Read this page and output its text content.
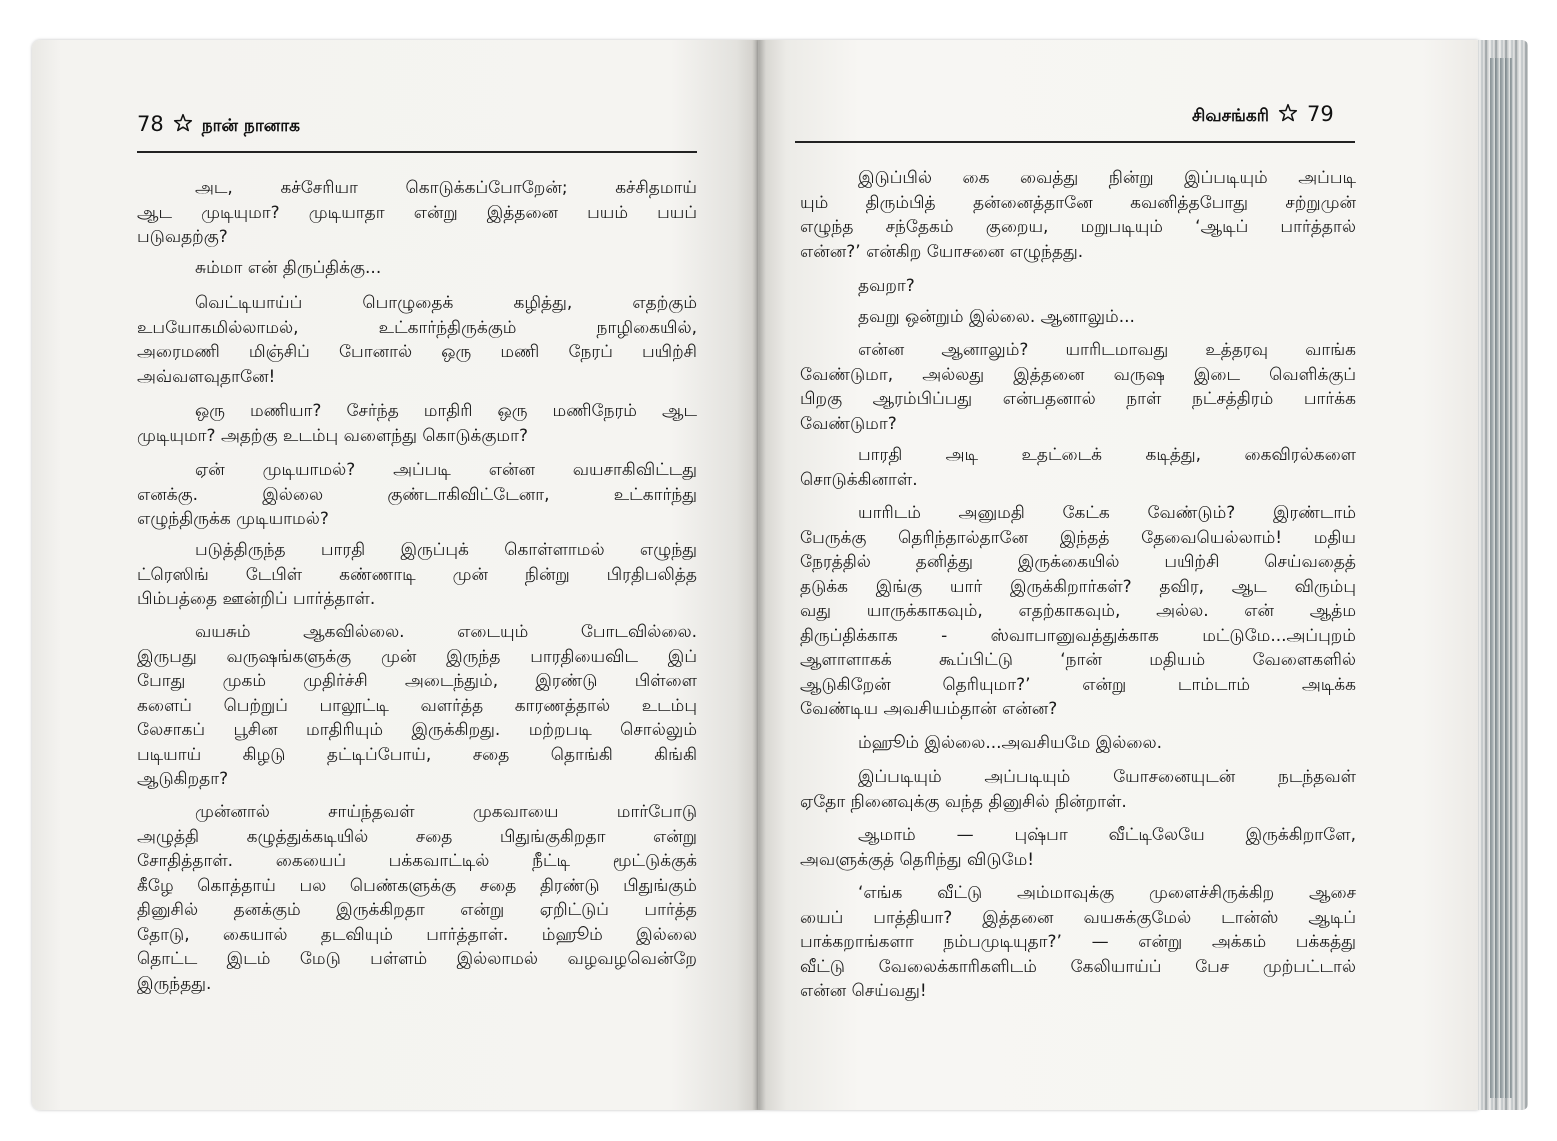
78 நான் நானாக	சிவசங்கரி 79
அட, கச்சேரியா கொடுக்கப்போறேன்; கச்சிதமாய்
ஆட முடியுமா? முடியாதா என்று இத்தனை பயம் பயப்
படுவதற்கு?
சும்மா என் திருப்திக்கு...
வெட்டியாய்ப் பொழுதைக் கழித்து, எதற்கும்
உபயோகமில்லாமல், உட்கார்ந்திருக்கும் நாழிகையில்,
அரைமணி மிஞ்சிப் போனால் ஒரு மணி நேரப் பயிற்சி
அவ்வளவுதானே!
ஒரு மணியா? சேர்ந்த மாதிரி ஒரு மணிநேரம் ஆட
முடியுமா? அதற்கு உடம்பு வளைந்து கொடுக்குமா?
ஏன் முடியாமல்? அப்படி என்ன வயசாகிவிட்டது
எனக்கு. இல்லை குண்டாகிவிட்டேனா, உட்கார்ந்து
எழுந்திருக்க முடியாமல்?
படுத்திருந்த பாரதி இருப்புக் கொள்ளாமல் எழுந்து
ட்ரெஸிங் டேபிள் கண்ணாடி முன் நின்று பிரதிபலித்த
பிம்பத்தை ஊன்றிப் பார்த்தாள்.
வயசும் ஆகவில்லை. எடையும் போடவில்லை.
இருபது வருஷங்களுக்கு முன் இருந்த பாரதியைவிட இப்
போது முகம் முதிர்ச்சி அடைந்தும், இரண்டு பிள்ளை
களைப் பெற்றுப் பாலூட்டி வளர்த்த காரணத்தால் உடம்பு
லேசாகப் பூசின மாதிரியும் இருக்கிறது. மற்றபடி சொல்லும்
படியாய் கிழடு தட்டிப்போய், சதை தொங்கி கிங்கி
ஆடுகிறதா?
முன்னால் சாய்ந்தவள் முகவாயை மார்போடு
அழுத்தி கழுத்துக்கடியில் சதை பிதுங்குகிறதா என்று
சோதித்தாள். கையைப் பக்கவாட்டில் நீட்டி மூட்டுக்குக்
கீழே கொத்தாய் பல பெண்களுக்கு சதை திரண்டு பிதுங்கும்
தினுசில் தனக்கும் இருக்கிறதா என்று ஏறிட்டுப் பார்த்த
தோடு, கையால் தடவியும் பார்த்தாள். ம்ஹூம் இல்லை
தொட்ட இடம் மேடு பள்ளம் இல்லாமல் வழவழவென்றே
இருந்தது.
இடுப்பில் கை வைத்து நின்று இப்படியும் அப்படி
யும் திரும்பித் தன்னைத்தானே கவனித்தபோது சற்றுமுன்
எழுந்த சந்தேகம் குறைய, மறுபடியும் ‘ஆடிப் பார்த்தால்
என்ன?’ என்கிற யோசனை எழுந்தது.
தவறா?
தவறு ஒன்றும் இல்லை. ஆனாலும்...
என்ன ஆனாலும்? யாரிடமாவது உத்தரவு வாங்க
வேண்டுமா, அல்லது இத்தனை வருஷ இடை வெளிக்குப்
பிறகு ஆரம்பிப்பது என்பதனால் நாள் நட்சத்திரம் பார்க்க
வேண்டுமா?
பாரதி அடி உதட்டைக் கடித்து, கைவிரல்களை
சொடுக்கினாள்.
யாரிடம் அனுமதி கேட்க வேண்டும்? இரண்டாம்
பேருக்கு தெரிந்தால்தானே இந்தத் தேவையெல்லாம்! மதிய
நேரத்தில் தனித்து இருக்கையில் பயிற்சி செய்வதைத்
தடுக்க இங்கு யார் இருக்கிறார்கள்? தவிர, ஆட விரும்பு
வது யாருக்காகவும், எதற்காகவும், அல்ல. என் ஆத்ம
திருப்திக்காக - ஸ்வாபானுவத்துக்காக மட்டுமே...அப்புறம்
ஆளாளாகக் கூப்பிட்டு ‘நான் மதியம் வேளைகளில்
ஆடுகிறேன் தெரியுமா?’ என்று டாம்டாம் அடிக்க
வேண்டிய அவசியம்தான் என்ன?
ம்ஹூம் இல்லை...அவசியமே இல்லை.
இப்படியும் அப்படியும் யோசனையுடன் நடந்தவள்
ஏதோ நினைவுக்கு வந்த தினுசில் நின்றாள்.
ஆமாம் — புஷ்பா வீட்டிலேயே இருக்கிறாளே,
அவளுக்குத் தெரிந்து விடுமே!
‘எங்க வீட்டு அம்மாவுக்கு முளைச்சிருக்கிற ஆசை
யைப் பாத்தியா? இத்தனை வயசுக்குமேல் டான்ஸ் ஆடிப்
பாக்கறாங்களா நம்பமுடியுதா?’ — என்று அக்கம் பக்கத்து
வீட்டு வேலைக்காரிகளிடம் கேலியாய்ப் பேச முற்பட்டால்
என்ன செய்வது!
